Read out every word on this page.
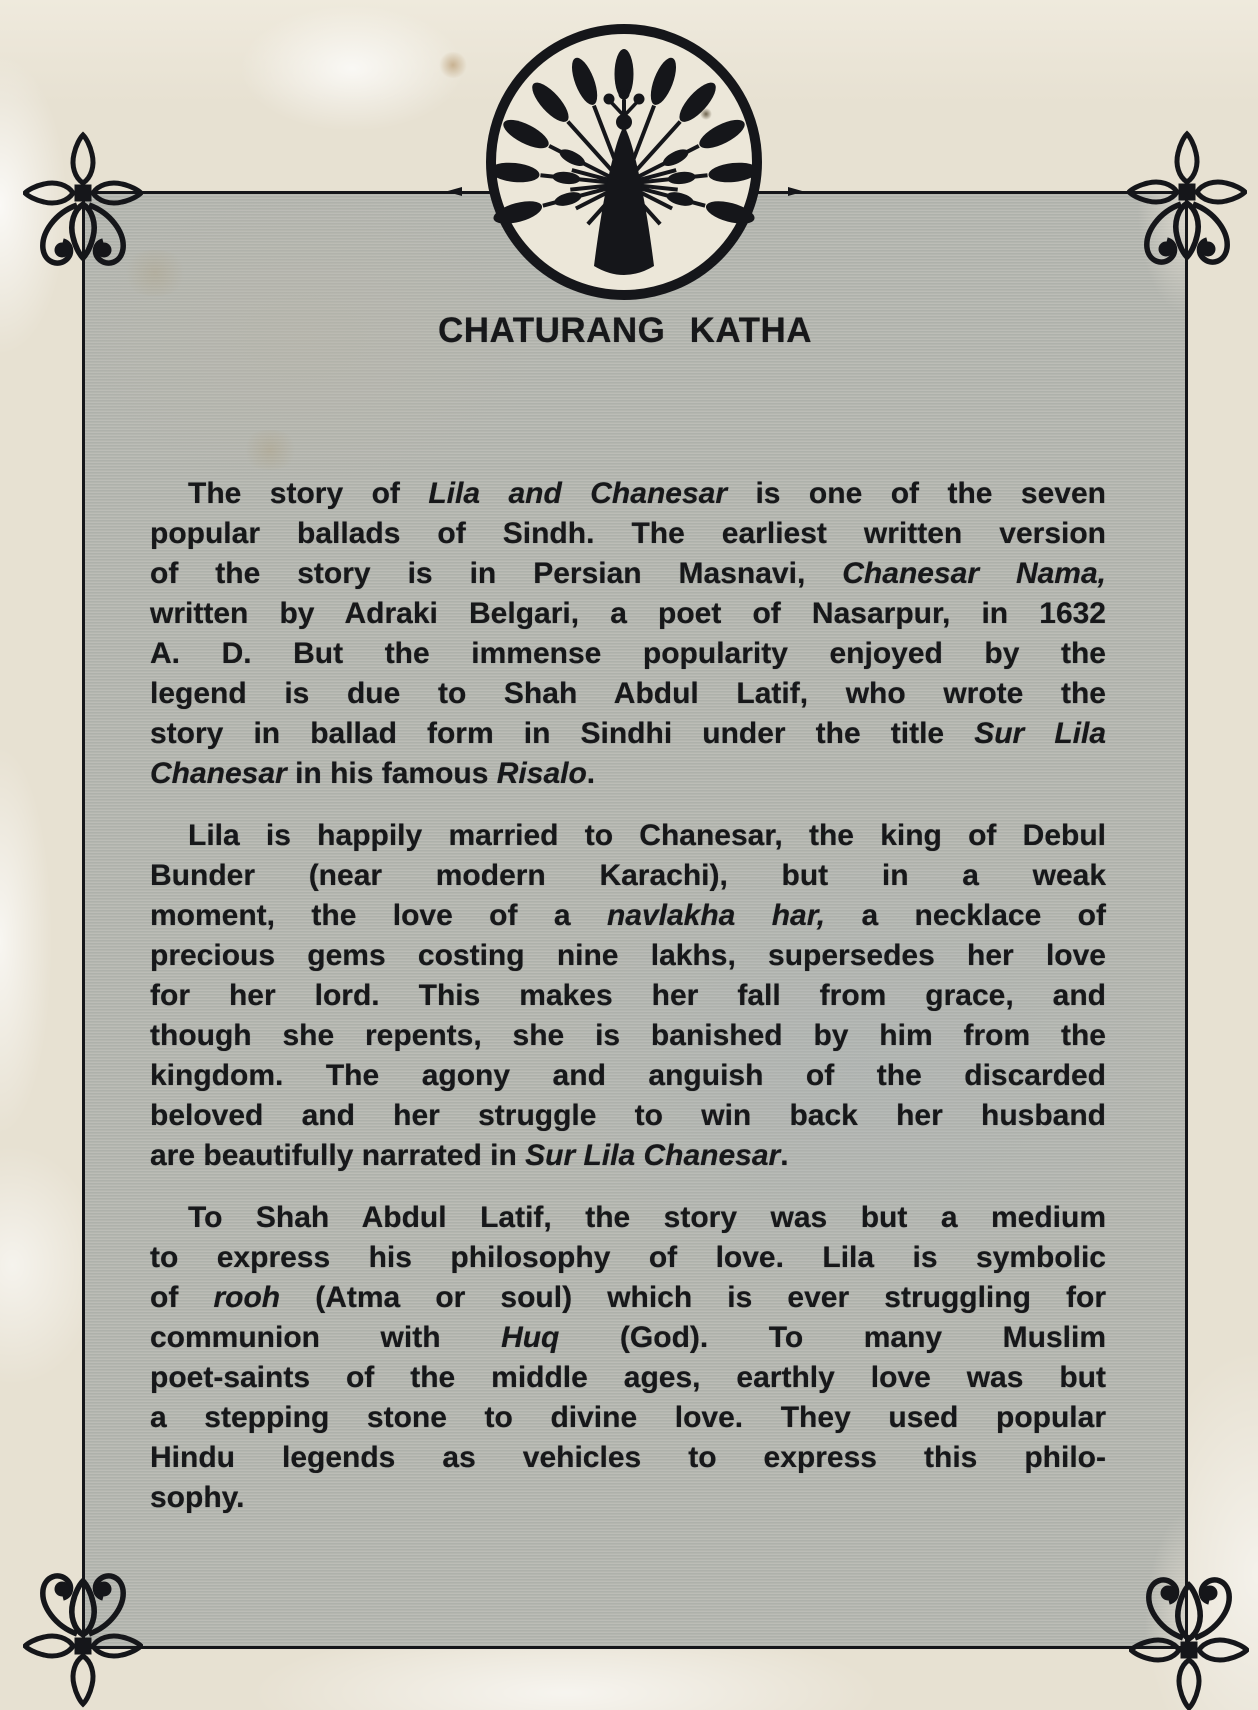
CHATURANG KATHA
The story of Lila and Chanesar is one of the seven
popular ballads of Sindh. The earliest written version
of the story is in Persian Masnavi, Chanesar Nama,
written by Adraki Belgari, a poet of Nasarpur, in 1632
A. D. But the immense popularity enjoyed by the
legend is due to Shah Abdul Latif, who wrote the
story in ballad form in Sindhi under the title Sur Lila
Chanesar in his famous Risalo.
Lila is happily married to Chanesar, the king of Debul
Bunder (near modern Karachi), but in a weak
moment, the love of a navlakha har, a necklace of
precious gems costing nine lakhs, supersedes her love
for her lord. This makes her fall from grace, and
though she repents, she is banished by him from the
kingdom. The agony and anguish of the discarded
beloved and her struggle to win back her husband
are beautifully narrated in Sur Lila Chanesar.
To Shah Abdul Latif, the story was but a medium
to express his philosophy of love. Lila is symbolic
of rooh (Atma or soul) which is ever struggling for
communion with Huq (God). To many Muslim
poet-saints of the middle ages, earthly love was but
a stepping stone to divine love. They used popular
Hindu legends as vehicles to express this philo-
sophy.
